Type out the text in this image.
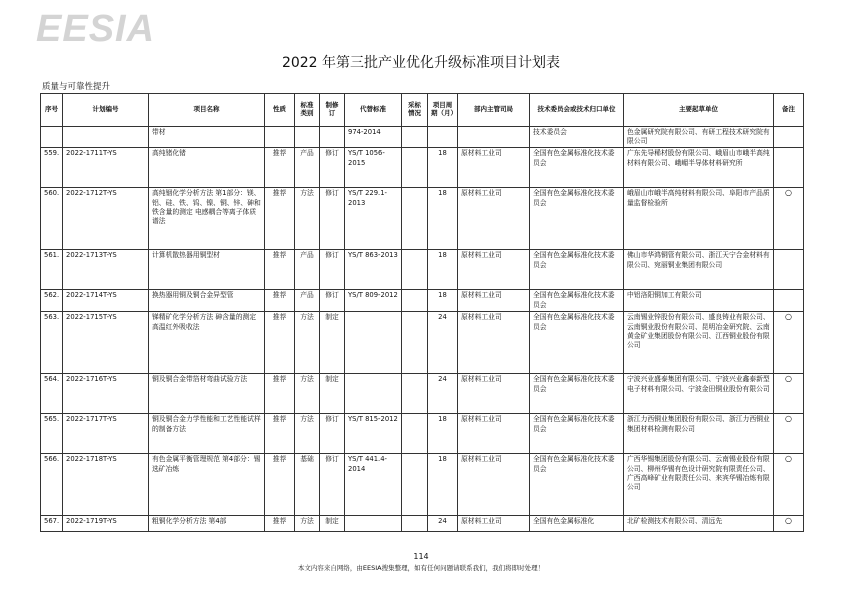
EESIA
2022 年第三批产业优化升级标准项目计划表
质量与可靠性提升
序号	计划编号	项目名称	性质	标准类别	制修订	代替标准	采标情况	项目周期（月）	部内主管司局	技术委员会或技术归口单位	主要起草单位	备注
		带材				974-2014				技术委员会	色金属研究院有限公司、有研工程技术研究院有限公司	
559.	2022-1711T-YS	高纯锗化锗	推荐	产品	修订	YS/T 1056-2015		18	原材料工业司	全国有色金属标准化技术委员会	广东先导稀材股份有限公司、峨眉山市峨半高纯材料有限公司、峨嵋半导体材料研究所	
560.	2022-1712T-YS	高纯铟化学分析方法 第1部分：镁、铝、硅、铁、钨、镍、铜、锌、砷和铁含量的测定 电感耦合等离子体质谱法	推荐	方法	修订	YS/T 229.1-2013		18	原材料工业司	全国有色金属标准化技术委员会	峨眉山市峨半高纯材料有限公司、阜阳市产品质量监督检验所	○
561.	2022-1713T-YS	计算机散热器用铜型材	推荐	产品	修订	YS/T 863-2013		18	原材料工业司	全国有色金属标准化技术委员会	佛山市华鸿铜管有限公司、浙江天宁合金材料有限公司、宛丽铜业集团有限公司	
562.	2022-1714T-YS	换热器用铜及铜合金异型管	推荐	产品	修订	YS/T 809-2012		18	原材料工业司	全国有色金属标准化技术委员会	中铝洛阳铜加工有限公司	
563.	2022-1715T-YS	锑精矿化学分析方法 砷含量的测定 高温红外吸收法	推荐	方法	制定			24	原材料工业司	全国有色金属标准化技术委员会	云南锡业锌股份有限公司、盛良铸业有限公司、云南铜业股份有限公司、昆明冶金研究院、云南黄金矿业集团股份有限公司、江西铜业股份有限公司	○
564.	2022-1716T-YS	铜及铜合金带箔材弯曲试验方法	推荐	方法	制定			24	原材料工业司	全国有色金属标准化技术委员会	宁波兴业盛泰集团有限公司、宁波兴业鑫泰新型电子材料有限公司、宁波金田铜业股份有限公司	○
565.	2022-1717T-YS	铜及铜合金力学性能和工艺性能试样的制备方法	推荐	方法	修订	YS/T 815-2012		18	原材料工业司	全国有色金属标准化技术委员会	浙江力西铜业集团股份有限公司、浙江力西铜业集团材料检测有限公司	○
566.	2022-1718T-YS	有色金属平衡管理规范 第4部分：锡选矿冶炼	推荐	基础	修订	YS/T 441.4-2014		18	原材料工业司	全国有色金属标准化技术委员会	广西华锡集团股份有限公司、云南锡业股份有限公司、柳州华锡有色设计研究院有限责任公司、广西高峰矿业有限责任公司、来宾华锡冶炼有限公司	○
567.	2022-1719T-YS	粗铜化学分析方法 第4部	推荐	方法	制定			24	原材料工业司	全国有色金属标准化	北矿检测技术有限公司、清远先	○
114
本文内容来自网络，由EESIA搜集整理，如有任何问题请联系我们，我们将即时处理！
